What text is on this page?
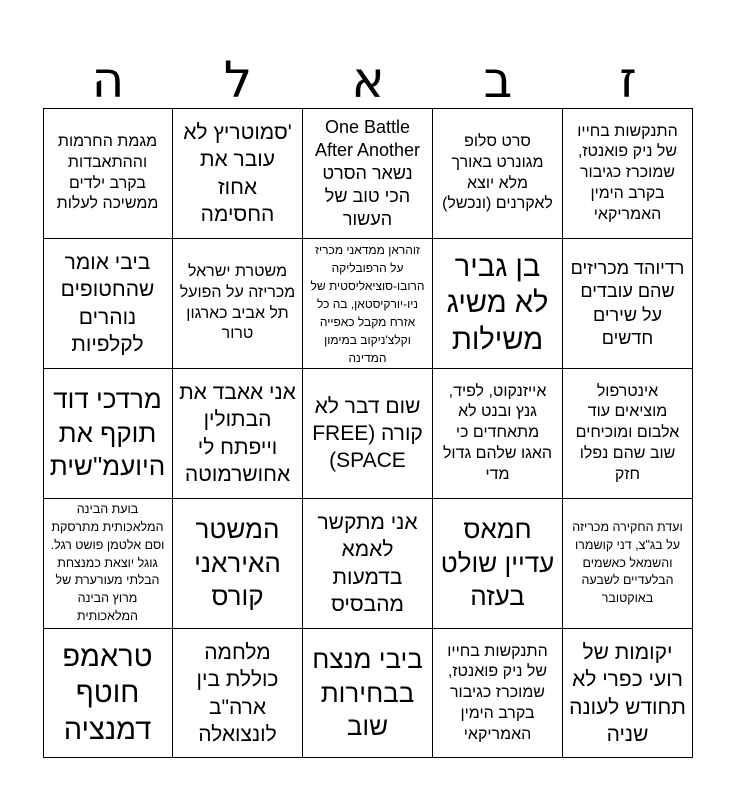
ז
ב
א
ל
ה
התנקשות בחייו של ניק פואנטז, שמוכרז כגיבור בקרב הימין האמריקאי
סרט סלופ מגונרט באורך מלא יוצא לאקרנים (ונכשל)
One Battle After Another נשאר הסרט הכי טוב של העשור
'סמוטריץ לא עובר את אחוז החסימה
מגמת החרמות וההתאבדות בקרב ילדים ממשיכה לעלות
רדיוהד מכריזים שהם עובדים על שירים חדשים
בן גביר לא משיג משילות
זוהראן ממדאני מכריז על הרפובליקה הרובו-סוציאליסטית של ניו-יורקיסטאן, בה כל אזרח מקבל כאפייה וקלצ'ניקוב במימון המדינה
משטרת ישראל מכריזה על הפועל תל אביב כארגון טרור
ביבי אומר שהחטופים נוהרים לקלפיות
אינטרפול מוציאים עוד אלבום ומוכיחים שוב שהם נפלו חזק
אייזנקוט, לפיד, גנץ ובנט לא מתאחדים כי האגו שלהם גדול מדי
שום דבר לא קורה (FREE SPACE)
אני אאבד את הבתולין וייפתח לי אחושרמוטה
מרדכי דוד תוקף את היועמ"שית
ועדת החקירה מכריזה על בג"צ, דני קושמרו והשמאל כאשמים הבלעדיים לשבעה באוקטובר
חמאס עדיין שולט בעזה
אני מתקשר לאמא בדמעות מהבסיס
המשטר האיראני קורס
בועת הבינה המלאכותית מתרסקת וסם אלטמן פושט רגל. גוגל יוצאת כמנצחת הבלתי מעורערת של מרוץ הבינה המלאכותית
יקומות של רועי כפרי לא תחודש לעונה שניה
התנקשות בחייו של ניק פואנטז, שמוכרז כגיבור בקרב הימין האמריקאי
ביבי מנצח בבחירות שוב
מלחמה כוללת בין ארה"ב לונצואלה
טראמפ חוטף דמנציה
